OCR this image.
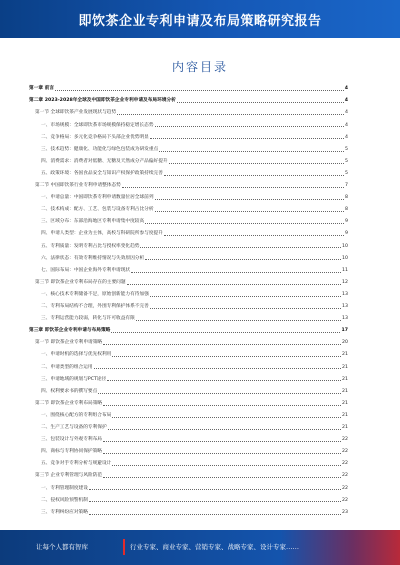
即饮茶企业专利申请及布局策略研究报告
内容目录
第一章 前言	4
第二章 2023-2028年全球及中国即饮茶企业专利申请及布局环境分析	4
第一节 全球即饮茶产业发展现状与趋势	4
一、市场规模：全球即饮茶市场规模保持稳定增长态势	4
二、竞争格局：多元化竞争格局下头部企业优势明显	4
三、技术趋势：健康化、功能化与绿色包装成为研发重点	5
四、消费需求：消费者对低糖、无糖及天然成分产品偏好提升	5
五、政策环境：各国食品安全与知识产权保护政策持续完善	5
第二节 中国即饮茶行业专利申请整体态势	7
一、申请总量：中国即饮茶专利申请数量位居全球前列	8
二、技术构成：配方、工艺、包装与设备专利占比分析	8
三、区域分布：东部沿海地区专利申请集中度较高	9
四、申请人类型：企业为主体，高校与科研院所参与度提升	9
五、专利质量：发明专利占比与授权率变化趋势	10
六、法律状态：有效专利维持情况与失效原因分析	10
七、国际布局：中国企业海外专利申请现状	11
第三节 即饮茶企业专利布局存在的主要问题	12
一、核心技术专利储备不足，原始创新能力有待加强	13
二、专利布局结构不合理，外围专利保护体系不完善	13
三、专利运营能力较弱，转化与许可收益有限	13
第三章 即饮茶企业专利申请与布局策略	17
第一节 即饮茶企业专利申请策略	20
一、申请时机的选择与优先权利用	21
二、申请类型的组合运用	21
三、申请地域的规划与PCT途径	21
四、权利要求书的撰写要点	21
第二节 即饮茶企业专利布局策略	21
一、围绕核心配方的专利组合布局	21
二、生产工艺与设备的专利保护	21
三、包装设计与外观专利布局	22
四、商标与专利协同保护策略	22
五、竞争对手专利分析与规避设计	22
第三节 企业专利管理与风险防范	22
一、专利管理制度建设	22
二、侵权风险预警机制	22
三、专利纠纷应对策略	23
让每个人都有智库	行业专家、商业专家、营销专家、战略专家、设计专家……
